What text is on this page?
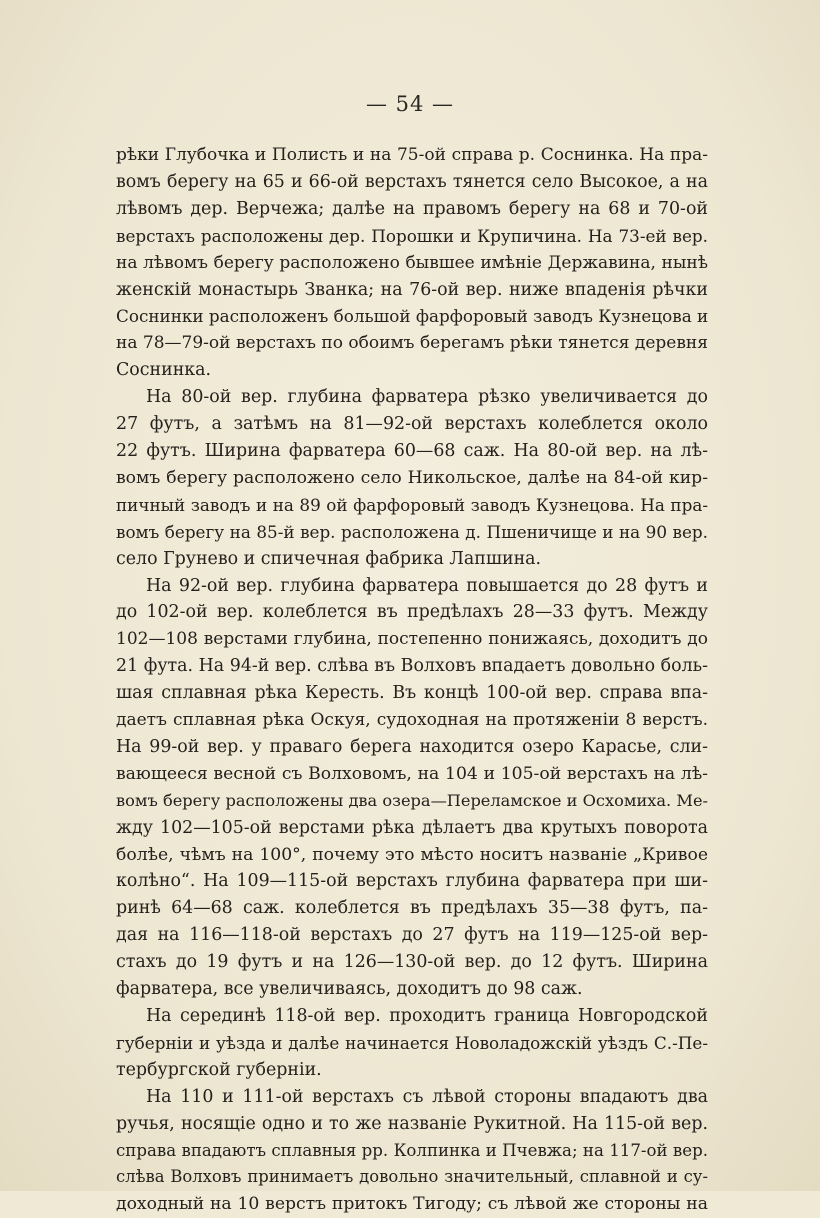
— 54 —
рѣки Глубочка и Полисть и на 75-ой справа р. Соснинка. На пра-
вомъ берегу на 65 и 66-ой верстахъ тянется село Высокое, а на
лѣвомъ дер. Верчежа; далѣе на правомъ берегу на 68 и 70-ой
верстахъ расположены дер. Порошки и Крупичина. На 73-ей вер.
на лѣвомъ берегу расположено бывшее имѣніе Державина, нынѣ
женскій монастырь Званка; на 76-ой вер. ниже впаденія рѣчки
Соснинки расположенъ большой фарфоровый заводъ Кузнецова и
на 78—79-ой верстахъ по обоимъ берегамъ рѣки тянется деревня
Соснинка.
На 80-ой вер. глубина фарватера рѣзко увеличивается до
27 футъ, а затѣмъ на 81—92-ой верстахъ колеблется около
22 футъ. Ширина фарватера 60—68 саж. На 80-ой вер. на лѣ-
вомъ берегу расположено село Никольское, далѣе на 84-ой кир-
пичный заводъ и на 89 ой фарфоровый заводъ Кузнецова. На пра-
вомъ берегу на 85-й вер. расположена д. Пшеничище и на 90 вер.
село Грунево и спичечная фабрика Лапшина.
На 92-ой вер. глубина фарватера повышается до 28 футъ и
до 102-ой вер. колеблется въ предѣлахъ 28—33 футъ. Между
102—108 верстами глубина, постепенно понижаясь, доходитъ до
21 фута. На 94-й вер. слѣва въ Волховъ впадаетъ довольно боль-
шая сплавная рѣка Кересть. Въ концѣ 100-ой вер. справа впа-
даетъ сплавная рѣка Оскуя, судоходная на протяженіи 8 верстъ.
На 99-ой вер. у праваго берега находится озеро Карасье, сли-
вающееся весной съ Волховомъ, на 104 и 105-ой верстахъ на лѣ-
вомъ берегу расположены два озера—Переламское и Осхомиха. Ме-
жду 102—105-ой верстами рѣка дѣлаетъ два крутыхъ поворота
болѣе, чѣмъ на 100°, почему это мѣсто носитъ названіе „Кривое
колѣно“. На 109—115-ой верстахъ глубина фарватера при ши-
ринѣ 64—68 саж. колеблется въ предѣлахъ 35—38 футъ, па-
дая на 116—118-ой верстахъ до 27 футъ на 119—125-ой вер-
стахъ до 19 футъ и на 126—130-ой вер. до 12 футъ. Ширина
фарватера, все увеличиваясь, доходитъ до 98 саж.
На серединѣ 118-ой вер. проходитъ граница Новгородской
губерніи и уѣзда и далѣе начинается Новоладожскій уѣздъ С.-Пе-
тербургской губерніи.
На 110 и 111-ой верстахъ съ лѣвой стороны впадаютъ два
ручья, носящіе одно и то же названіе Рукитной. На 115-ой вер.
справа впадаютъ сплавныя рр. Колпинка и Пчевжа; на 117-ой вер.
слѣва Волховъ принимаетъ довольно значительный, сплавной и су-
доходный на 10 верстъ притокъ Тигоду; съ лѣвой же стороны на
